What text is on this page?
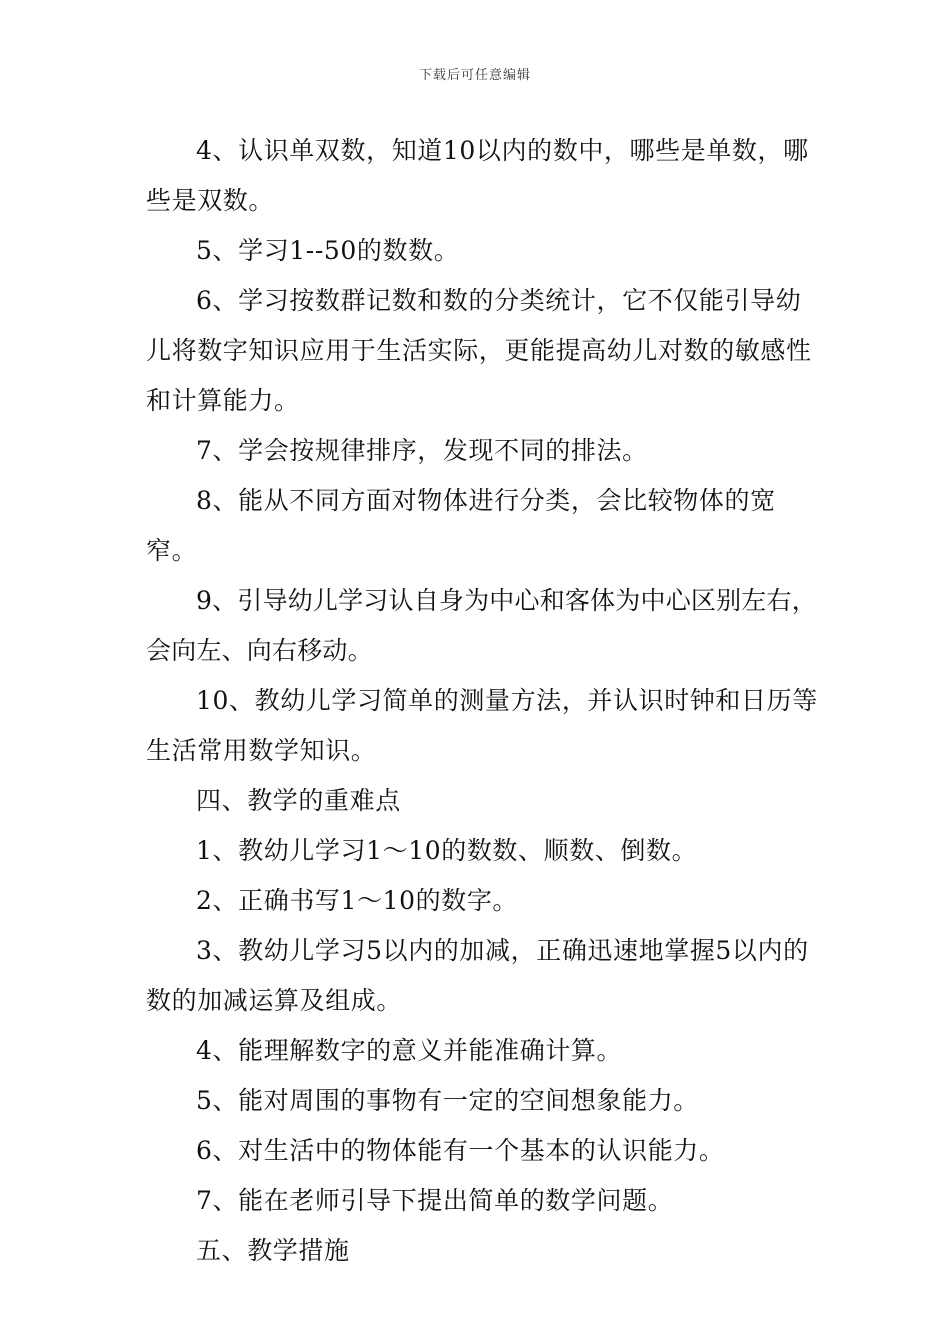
下载后可任意编辑

4、认识单双数，知道10以内的数中，哪些是单数，哪些是双数。

5、学习1--50的数数。

6、学习按数群记数和数的分类统计，它不仅能引导幼儿将数字知识应用于生活实际，更能提高幼儿对数的敏感性和计算能力。

7、学会按规律排序，发现不同的排法。

8、能从不同方面对物体进行分类，会比较物体的宽窄。

9、引导幼儿学习认自身为中心和客体为中心区别左右，会向左、向右移动。

10、教幼儿学习简单的测量方法，并认识时钟和日历等生活常用数学知识。

四、教学的重难点

1、教幼儿学习1～10的数数、顺数、倒数。

2、正确书写1～10的数字。

3、教幼儿学习5以内的加减，正确迅速地掌握5以内的数的加减运算及组成。

4、能理解数字的意义并能准确计算。

5、能对周围的事物有一定的空间想象能力。

6、对生活中的物体能有一个基本的认识能力。

7、能在老师引导下提出简单的数学问题。

五、教学措施
